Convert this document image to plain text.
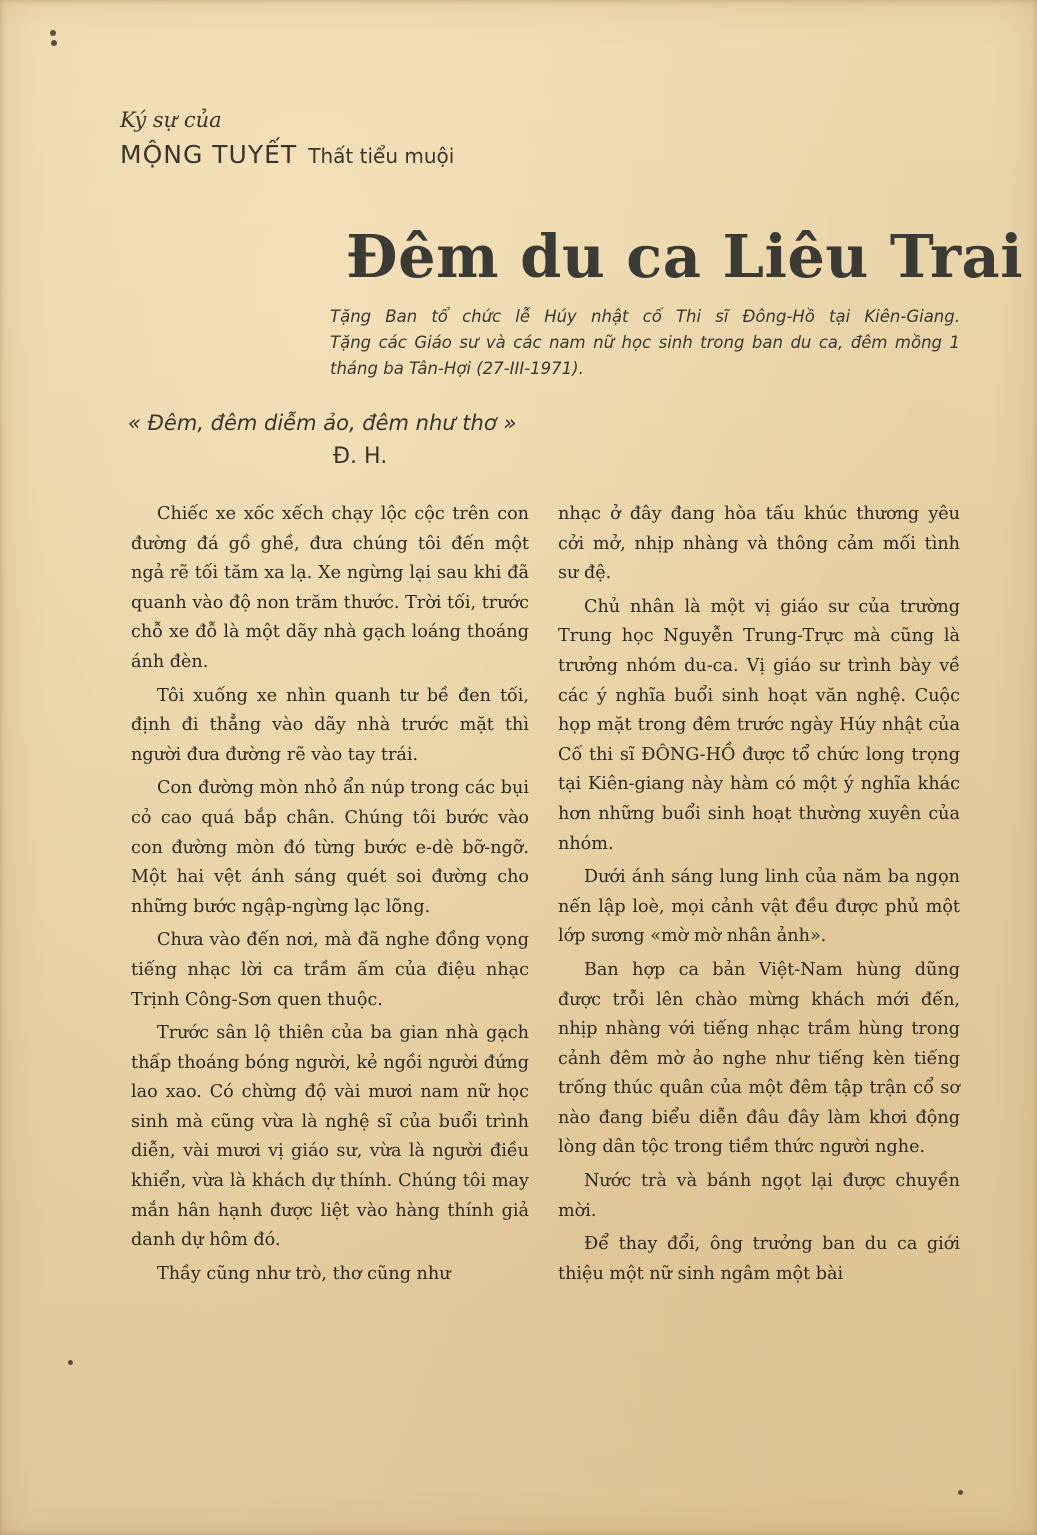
Ký sự của
MỘNG TUYẾT Thất tiểu muội
Đêm du ca Liêu Trai

Tặng Ban tổ chức lễ Húy nhật cố Thi sĩ Đông-Hồ tại Kiên-Giang.

Tặng các Giáo sư và các nam nữ học sinh trong ban du ca, đêm mồng 1 tháng ba Tân-Hợi (27-III-1971).

« Đêm, đêm diễm ảo, đêm như thơ »
Đ. H.

Chiếc xe xốc xếch chạy lộc cộc trên con đường đá gồ ghề, đưa chúng tôi đến một ngả rẽ tối tăm xa lạ. Xe ngừng lại sau khi đã quanh vào độ non trăm thước. Trời tối, trước chỗ xe đỗ là một dãy nhà gạch loáng thoáng ánh đèn.

Tôi xuống xe nhìn quanh tư bề đen tối, định đi thẳng vào dãy nhà trước mặt thì người đưa đường rẽ vào tay trái.

Con đường mòn nhỏ ẩn núp trong các bụi cỏ cao quá bắp chân. Chúng tôi bước vào con đường mòn đó từng bước e-dè bỡ-ngỡ. Một hai vệt ánh sáng quét soi đường cho những bước ngập-ngừng lạc lõng.

Chưa vào đến nơi, mà đã nghe đồng vọng tiếng nhạc lời ca trầm ấm của điệu nhạc Trịnh Công-Sơn quen thuộc.

Trước sân lộ thiên của ba gian nhà gạch thấp thoáng bóng người, kẻ ngồi người đứng lao xao. Có chừng độ vài mươi nam nữ học sinh mà cũng vừa là nghệ sĩ của buổi trình diễn, vài mươi vị giáo sư, vừa là người điều khiển, vừa là khách dự thính. Chúng tôi may mắn hân hạnh được liệt vào hàng thính giả danh dự hôm đó.

Thầy cũng như trò, thơ cũng như

nhạc ở đây đang hòa tấu khúc thương yêu cởi mở, nhịp nhàng và thông cảm mối tình sư đệ.

Chủ nhân là một vị giáo sư của trường Trung học Nguyễn Trung-Trực mà cũng là trưởng nhóm du-ca. Vị giáo sư trình bày về các ý nghĩa buổi sinh hoạt văn nghệ. Cuộc họp mặt trong đêm trước ngày Húy nhật của Cố thi sĩ ĐÔNG-HỒ được tổ chức long trọng tại Kiên-giang này hàm có một ý nghĩa khác hơn những buổi sinh hoạt thường xuyên của nhóm.

Dưới ánh sáng lung linh của năm ba ngọn nến lập loè, mọi cảnh vật đều được phủ một lớp sương «mờ mờ nhân ảnh».

Ban hợp ca bản Việt-Nam hùng dũng được trỗi lên chào mừng khách mới đến, nhịp nhàng với tiếng nhạc trầm hùng trong cảnh đêm mờ ảo nghe như tiếng kèn tiếng trống thúc quân của một đêm tập trận cổ sơ nào đang biểu diễn đâu đây làm khơi động lòng dân tộc trong tiềm thức người nghe.

Nước trà và bánh ngọt lại được chuyền mời.

Để thay đổi, ông trưởng ban du ca giới thiệu một nữ sinh ngâm một bài
